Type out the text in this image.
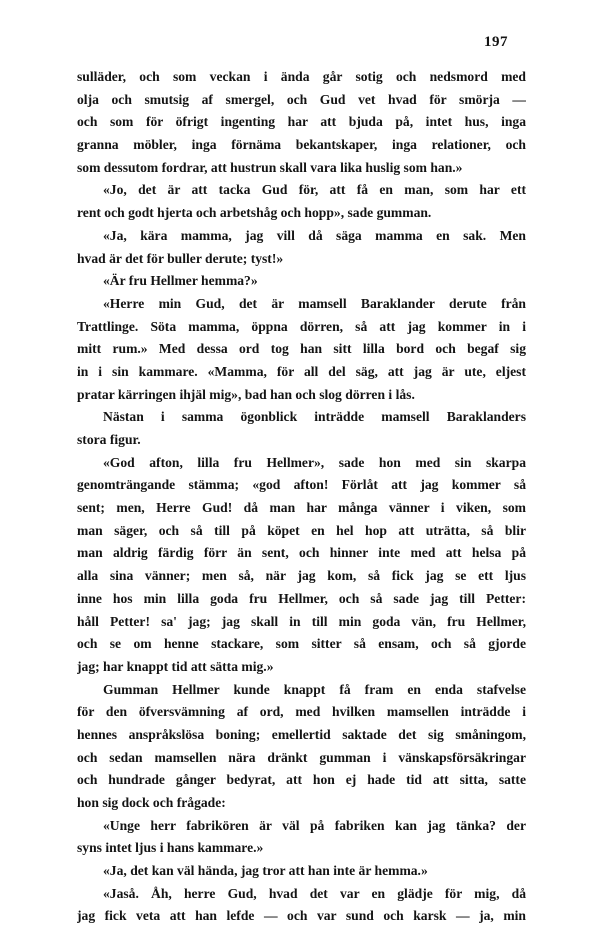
197
sulläder, och som veckan i ända går sotig och nedsmord med
olja och smutsig af smergel, och Gud vet hvad för smörja —
och som för öfrigt ingenting har att bjuda på, intet hus, inga
granna möbler, inga förnäma bekantskaper, inga relationer, och
som dessutom fordrar, att hustrun skall vara lika huslig som han.»
«Jo, det är att tacka Gud för, att få en man, som har ett
rent och godt hjerta och arbetshåg och hopp», sade gumman.
«Ja, kära mamma, jag vill då säga mamma en sak. Men
hvad är det för buller derute; tyst!»
«Är fru Hellmer hemma?»
«Herre min Gud, det är mamsell Baraklander derute från
Trattlinge. Söta mamma, öppna dörren, så att jag kommer in i
mitt rum.» Med dessa ord tog han sitt lilla bord och begaf sig
in i sin kammare. «Mamma, för all del säg, att jag är ute, eljest
pratar kärringen ihjäl mig», bad han och slog dörren i lås.
Nästan i samma ögonblick inträdde mamsell Baraklanders
stora figur.
«God afton, lilla fru Hellmer», sade hon med sin skarpa
genomträngande stämma; «god afton! Förlåt att jag kommer så
sent; men, Herre Gud! då man har många vänner i viken, som
man säger, och så till på köpet en hel hop att uträtta, så blir
man aldrig färdig förr än sent, och hinner inte med att helsa på
alla sina vänner; men så, när jag kom, så fick jag se ett ljus
inne hos min lilla goda fru Hellmer, och så sade jag till Petter:
håll Petter! sa' jag; jag skall in till min goda vän, fru Hellmer,
och se om henne stackare, som sitter så ensam, och så gjorde
jag; har knappt tid att sätta mig.»
Gumman Hellmer kunde knappt få fram en enda stafvelse
för den öfversvämning af ord, med hvilken mamsellen inträdde i
hennes anspråkslösa boning; emellertid saktade det sig småningom,
och sedan mamsellen nära dränkt gumman i vänskapsförsäkringar
och hundrade gånger bedyrat, att hon ej hade tid att sitta, satte
hon sig dock och frågade:
«Unge herr fabrikören är väl på fabriken kan jag tänka? der
syns intet ljus i hans kammare.»
«Ja, det kan väl hända, jag tror att han inte är hemma.»
«Jaså. Åh, herre Gud, hvad det var en glädje för mig, då
jag fick veta att han lefde — och var sund och karsk — ja, min
